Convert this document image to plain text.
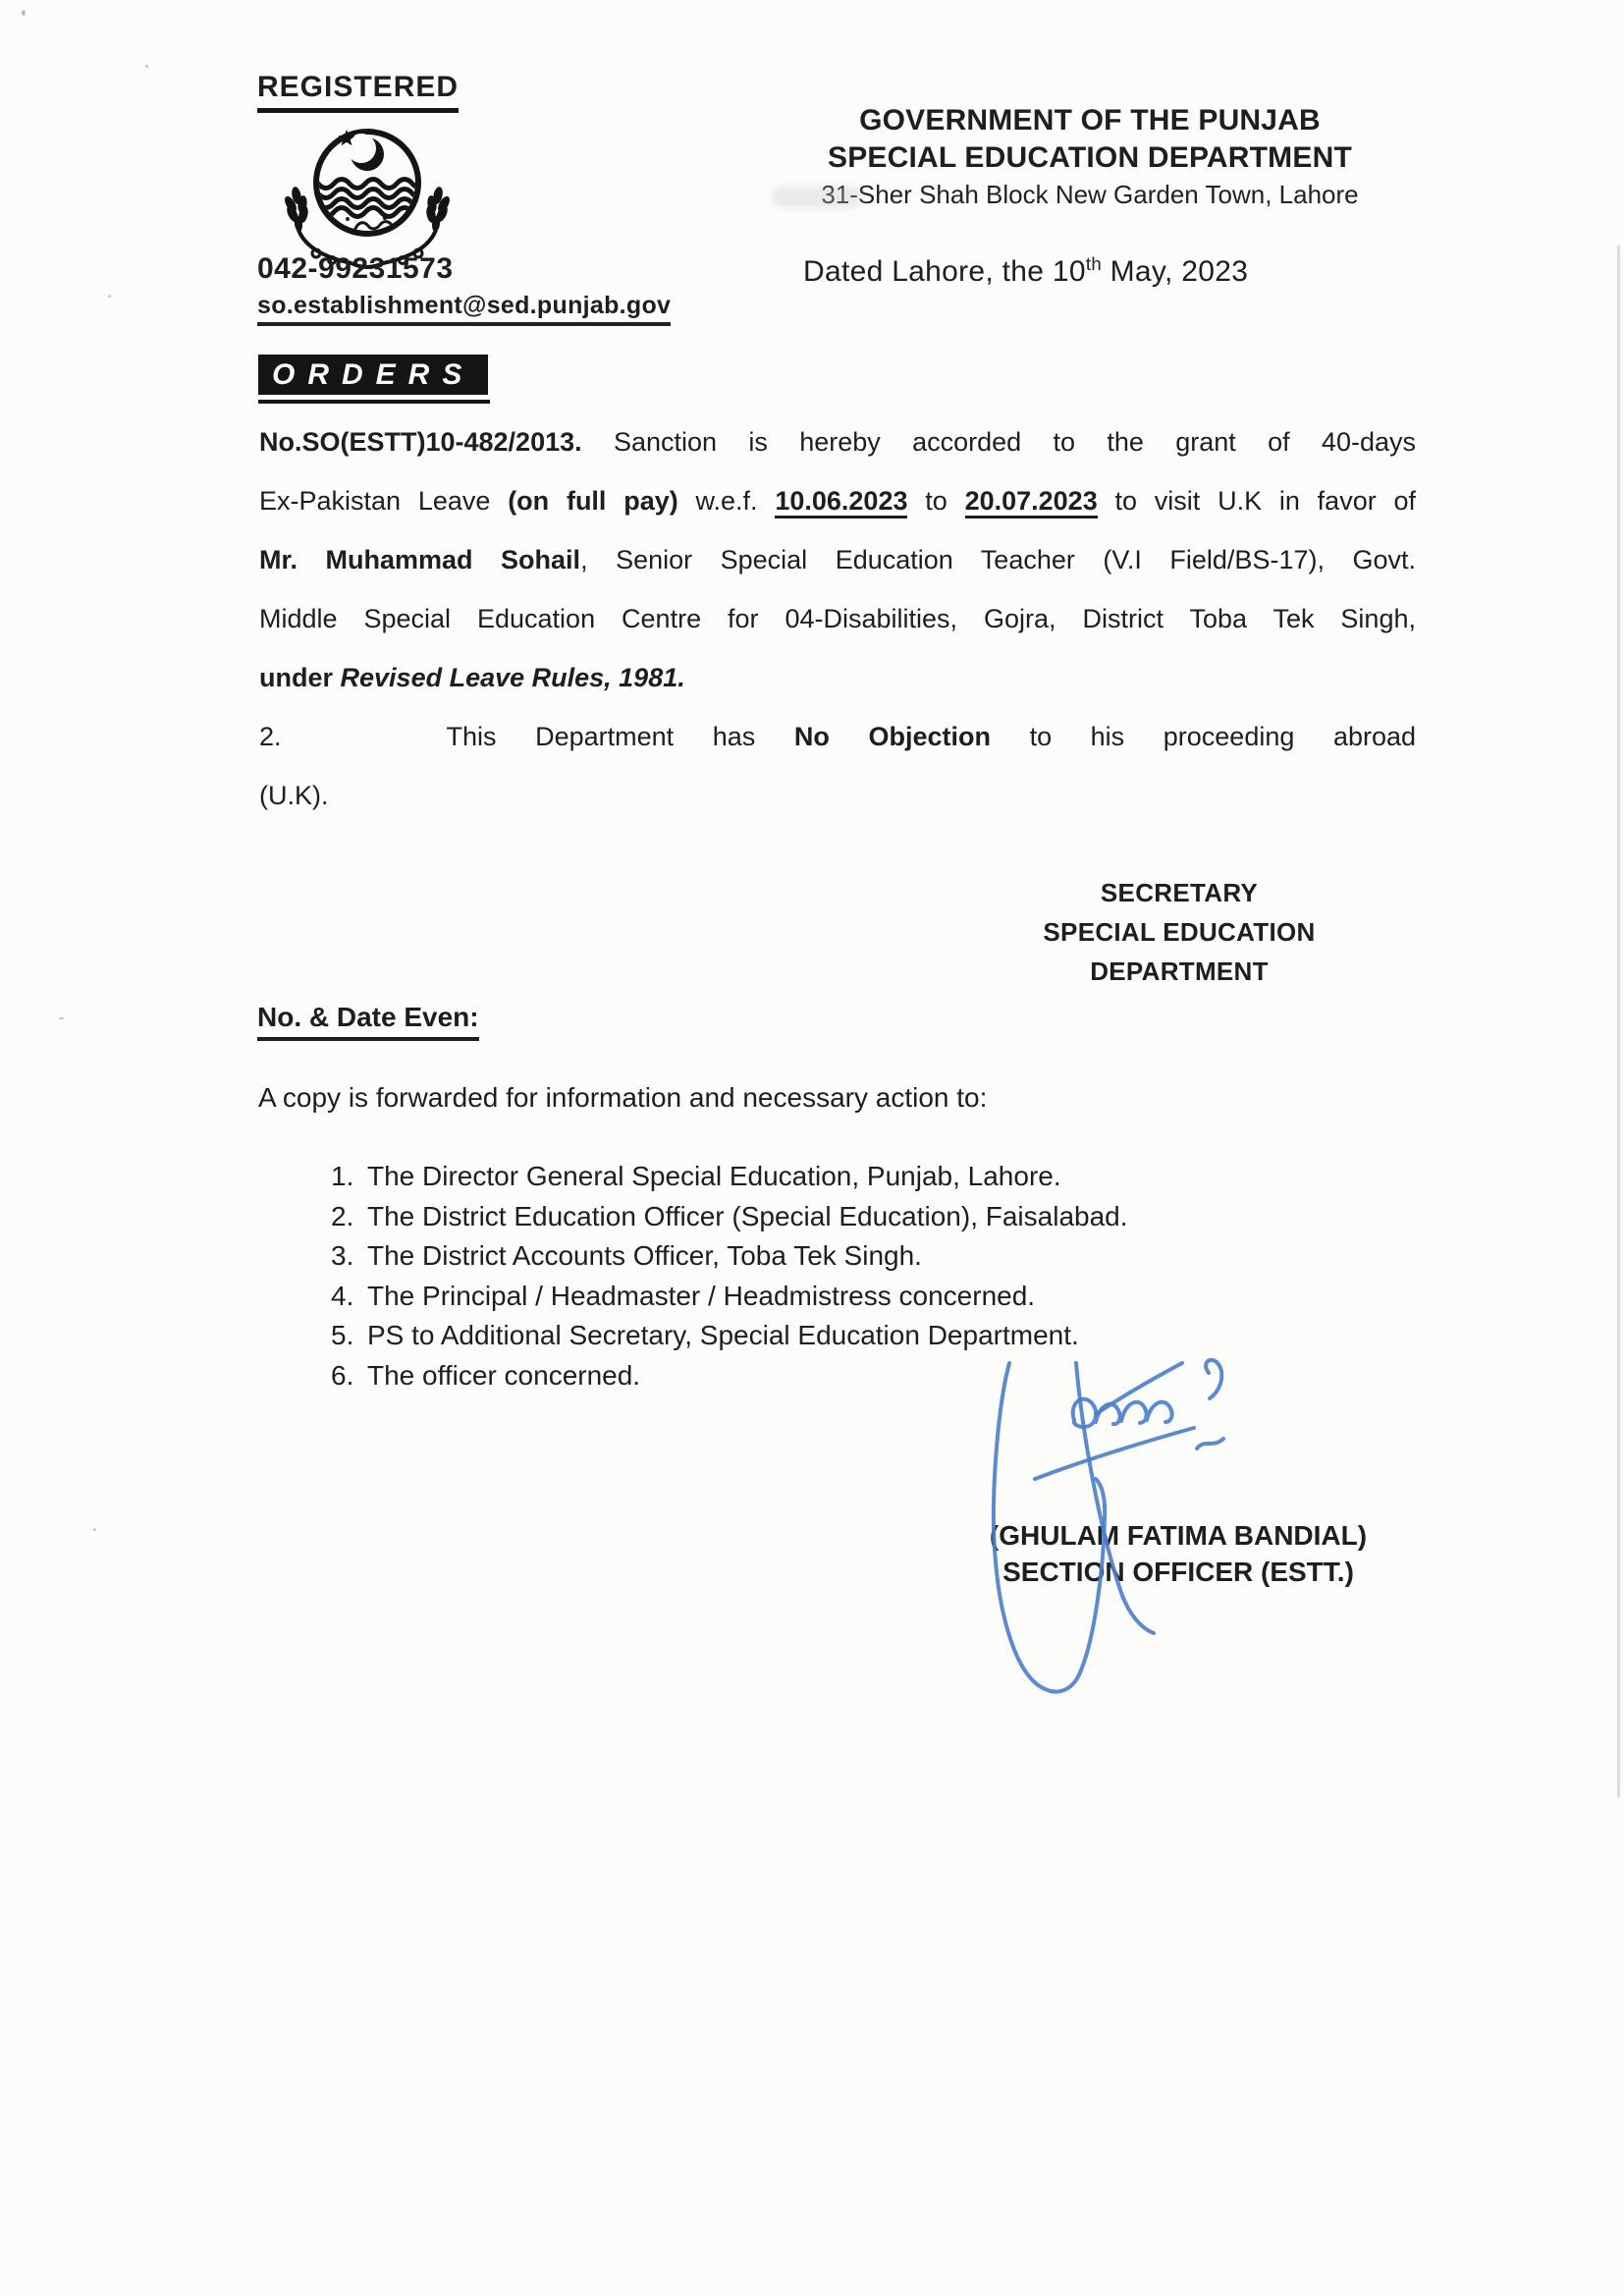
REGISTERED
042-99231573
so.establishment@sed.punjab.gov
GOVERNMENT OF THE PUNJAB
SPECIAL EDUCATION DEPARTMENT
31-Sher Shah Block New Garden Town, Lahore
Dated Lahore, the 10th May, 2023
ORDERS
No.SO(ESTT)10-482/2013. Sanction is hereby accorded to the grant of 40-days
Ex-Pakistan Leave (on full pay) w.e.f. 10.06.2023 to 20.07.2023 to visit U.K in favor of
Mr. Muhammad Sohail, Senior Special Education Teacher (V.I Field/BS-17), Govt.
Middle Special Education Centre for 04-Disabilities, Gojra, District Toba Tek Singh,
under Revised Leave Rules, 1981.
2.	This Department has No Objection to his proceeding abroad
(U.K).
SECRETARY
SPECIAL EDUCATION
DEPARTMENT
No. & Date Even:
A copy is forwarded for information and necessary action to:
The Director General Special Education, Punjab, Lahore.
The District Education Officer (Special Education), Faisalabad.
The District Accounts Officer, Toba Tek Singh.
The Principal / Headmaster / Headmistress concerned.
PS to Additional Secretary, Special Education Department.
The officer concerned.
(GHULAM FATIMA BANDIAL)
SECTION OFFICER (ESTT.)
